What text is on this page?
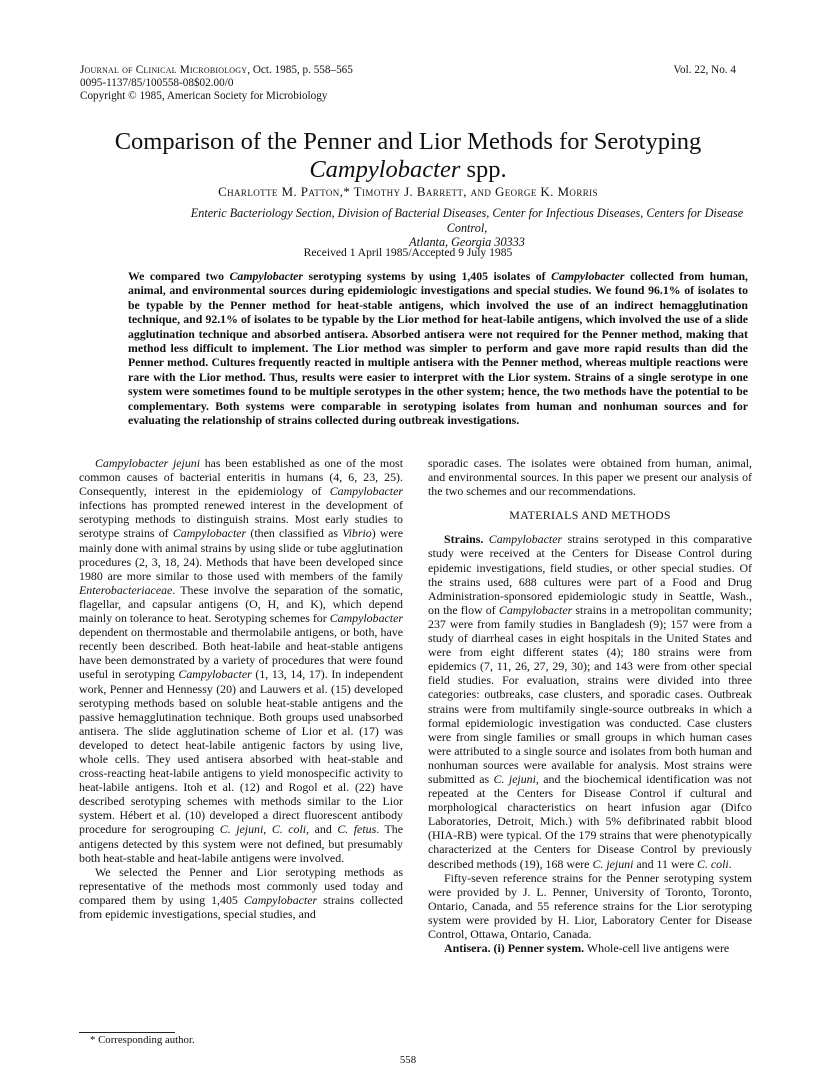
Journal of Clinical Microbiology, Oct. 1985, p. 558–565
0095-1137/85/100558-08$02.00/0
Copyright © 1985, American Society for Microbiology
Vol. 22, No. 4
Comparison of the Penner and Lior Methods for Serotyping
Campylobacter spp.
Charlotte M. Patton,* Timothy J. Barrett, and George K. Morris
Enteric Bacteriology Section, Division of Bacterial Diseases, Center for Infectious Diseases, Centers for Disease Control,
Atlanta, Georgia 30333
Received 1 April 1985/Accepted 9 July 1985
We compared two Campylobacter serotyping systems by using 1,405 isolates of Campylobacter collected from human, animal, and environmental sources during epidemiologic investigations and special studies. We found 96.1% of isolates to be typable by the Penner method for heat-stable antigens, which involved the use of an indirect hemagglutination technique, and 92.1% of isolates to be typable by the Lior method for heat-labile antigens, which involved the use of a slide agglutination technique and absorbed antisera. Absorbed antisera were not required for the Penner method, making that method less difficult to implement. The Lior method was simpler to perform and gave more rapid results than did the Penner method. Cultures frequently reacted in multiple antisera with the Penner method, whereas multiple reactions were rare with the Lior method. Thus, results were easier to interpret with the Lior system. Strains of a single serotype in one system were sometimes found to be multiple serotypes in the other system; hence, the two methods have the potential to be complementary. Both systems were comparable in serotyping isolates from human and nonhuman sources and for evaluating the relationship of strains collected during outbreak investigations.

Campylobacter jejuni has been established as one of the most common causes of bacterial enteritis in humans (4, 6, 23, 25). Consequently, interest in the epidemiology of Campylobacter infections has prompted renewed interest in the development of serotyping methods to distinguish strains. Most early studies to serotype strains of Campylobacter (then classified as Vibrio) were mainly done with animal strains by using slide or tube agglutination procedures (2, 3, 18, 24). Methods that have been developed since 1980 are more similar to those used with members of the family Enterobacteriaceae. These involve the separation of the somatic, flagellar, and capsular antigens (O, H, and K), which depend mainly on tolerance to heat. Serotyping schemes for Campylobacter dependent on thermostable and thermolabile antigens, or both, have recently been described. Both heat-labile and heat-stable antigens have been demonstrated by a variety of procedures that were found useful in serotyping Campylobacter (1, 13, 14, 17). In independent work, Penner and Hennessy (20) and Lauwers et al. (15) developed serotyping methods based on soluble heat-stable antigens and the passive hemagglutination technique. Both groups used unabsorbed antisera. The slide agglutination scheme of Lior et al. (17) was developed to detect heat-labile antigenic factors by using live, whole cells. They used antisera absorbed with heat-stable and cross-reacting heat-labile antigens to yield monospecific activity to heat-labile antigens. Itoh et al. (12) and Rogol et al. (22) have described serotyping schemes with methods similar to the Lior system. Hébert et al. (10) developed a direct fluorescent antibody procedure for serogrouping C. jejuni, C. coli, and C. fetus. The antigens detected by this system were not defined, but presumably both heat-stable and heat-labile antigens were involved.

We selected the Penner and Lior serotyping methods as representative of the methods most commonly used today and compared them by using 1,405 Campylobacter strains collected from epidemic investigations, special studies, and

sporadic cases. The isolates were obtained from human, animal, and environmental sources. In this paper we present our analysis of the two schemes and our recommendations.

MATERIALS AND METHODS

Strains. Campylobacter strains serotyped in this comparative study were received at the Centers for Disease Control during epidemic investigations, field studies, or other special studies. Of the strains used, 688 cultures were part of a Food and Drug Administration-sponsored epidemiologic study in Seattle, Wash., on the flow of Campylobacter strains in a metropolitan community; 237 were from family studies in Bangladesh (9); 157 were from a study of diarrheal cases in eight hospitals in the United States and were from eight different states (4); 180 strains were from epidemics (7, 11, 26, 27, 29, 30); and 143 were from other special field studies. For evaluation, strains were divided into three categories: outbreaks, case clusters, and sporadic cases. Outbreak strains were from multifamily single-source outbreaks in which a formal epidemiologic investigation was conducted. Case clusters were from single families or small groups in which human cases were attributed to a single source and isolates from both human and nonhuman sources were available for analysis. Most strains were submitted as C. jejuni, and the biochemical identification was not repeated at the Centers for Disease Control if cultural and morphological characteristics on heart infusion agar (Difco Laboratories, Detroit, Mich.) with 5% defibrinated rabbit blood (HIA-RB) were typical. Of the 179 strains that were phenotypically characterized at the Centers for Disease Control by previously described methods (19), 168 were C. jejuni and 11 were C. coli.

Fifty-seven reference strains for the Penner serotyping system were provided by J. L. Penner, University of Toronto, Toronto, Ontario, Canada, and 55 reference strains for the Lior serotyping system were provided by H. Lior, Laboratory Center for Disease Control, Ottawa, Ontario, Canada.

Antisera. (i) Penner system. Whole-cell live antigens were

* Corresponding author.
558
